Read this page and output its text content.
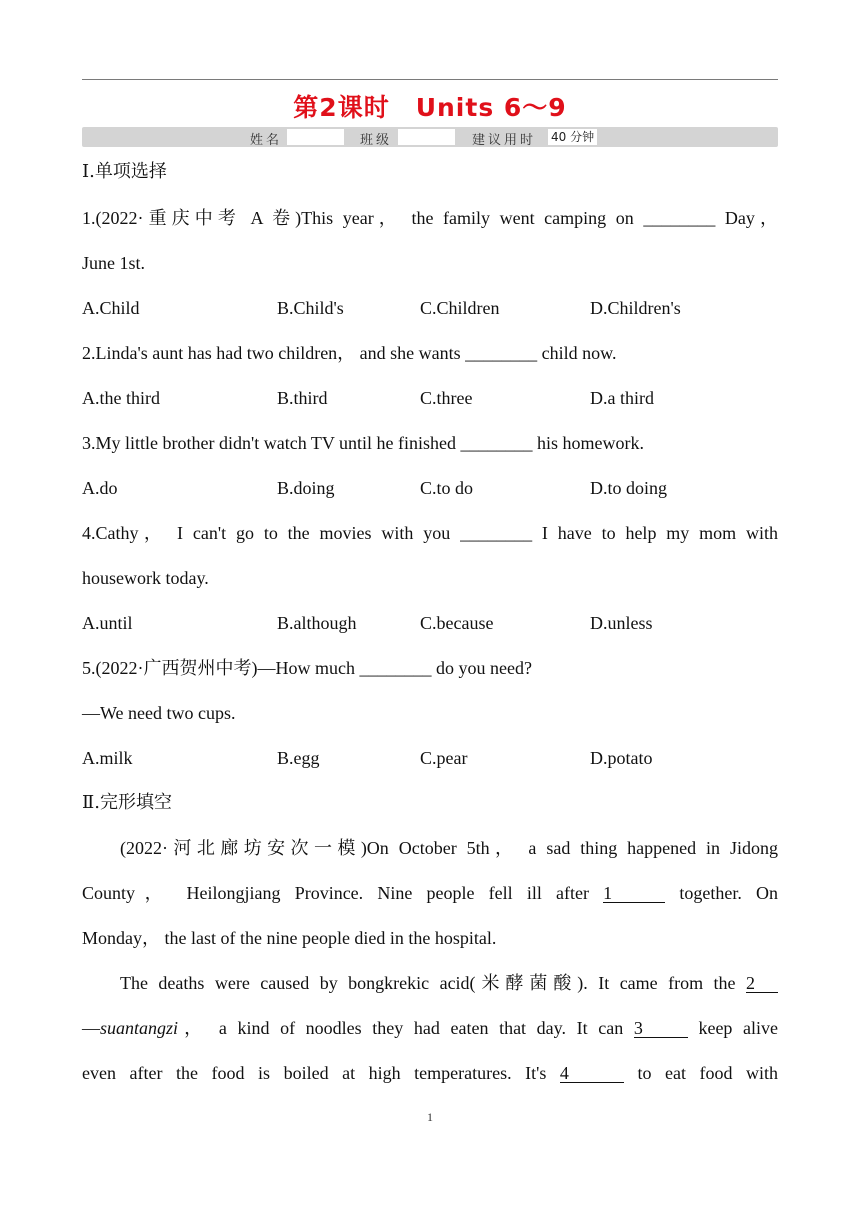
第2课时 Units 6～9
姓名	班级	建议用时 40 分钟
Ⅰ.单项选择
1.(2022·重庆中考 A 卷)This year， the family went camping on ________ Day，
June 1st.
A.Child	B.Child's	C.Children	D.Children's
2.Linda's aunt has had two children， and she wants ________ child now.
A.the third	B.third	C.three	D.a third
3.My little brother didn't watch TV until he finished ________ his homework.
A.do	B.doing	C.to do	D.to doing
4.Cathy， I can't go to the movies with you ________ I have to help my mom with
housework today.
A.until	B.although	C.because	D.unless
5.(2022·广西贺州中考)—How much ________ do you need?
—We need two cups.
A.milk	B.egg	C.pear	D.potato
Ⅱ.完形填空
(2022·河北廊坊安次一模)On October 5th， a sad thing happened in Jidong
County， Heilongjiang Province. Nine people fell ill after 1	together. On
Monday， the last of the nine people died in the hospital.
The deaths were caused by bongkrekic acid(米酵菌酸). It came from the 2
—suantangzi， a kind of noodles they had eaten that day. It can 3	keep alive
even after the food is boiled at high temperatures. It's 4	to eat food with
1
